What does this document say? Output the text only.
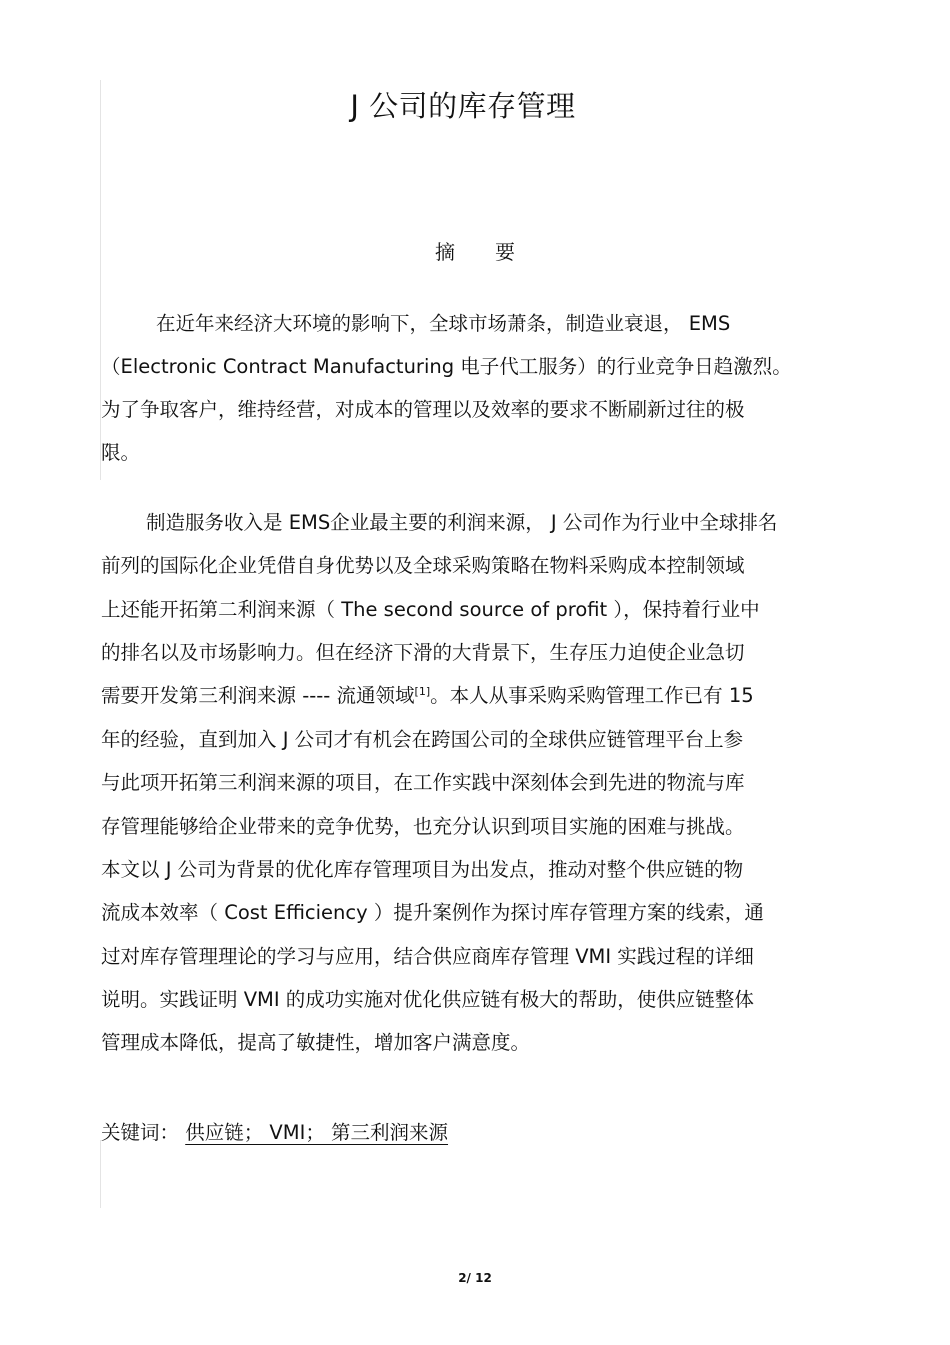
J 公司的库存管理
摘要
在近年来经济大环境的影响下，全球市场萧条，制造业衰退， EMS
（Electronic Contract Manufacturing 电子代工服务）的行业竞争日趋激烈。
为了争取客户，维持经营，对成本的管理以及效率的要求不断刷新过往的极
限。
制造服务收入是 EMS企业最主要的利润来源， J 公司作为行业中全球排名
前列的国际化企业凭借自身优势以及全球采购策略在物料采购成本控制领域
上还能开拓第二利润来源（ The second source of profit ），保持着行业中
的排名以及市场影响力。但在经济下滑的大背景下，生存压力迫使企业急切
需要开发第三利润来源 ---- 流通领域[1]。本人从事采购采购管理工作已有 15
年的经验，直到加入 J 公司才有机会在跨国公司的全球供应链管理平台上参
与此项开拓第三利润来源的项目，在工作实践中深刻体会到先进的物流与库
存管理能够给企业带来的竞争优势，也充分认识到项目实施的困难与挑战。
本文以 J 公司为背景的优化库存管理项目为出发点，推动对整个供应链的物
流成本效率（ Cost Efficiency ）提升案例作为探讨库存管理方案的线索，通
过对库存管理理论的学习与应用，结合供应商库存管理 VMI 实践过程的详细
说明。实践证明 VMI 的成功实施对优化供应链有极大的帮助，使供应链整体
管理成本降低，提高了敏捷性，增加客户满意度。
关键词： 供应链； VMI； 第三利润来源
2/ 12
